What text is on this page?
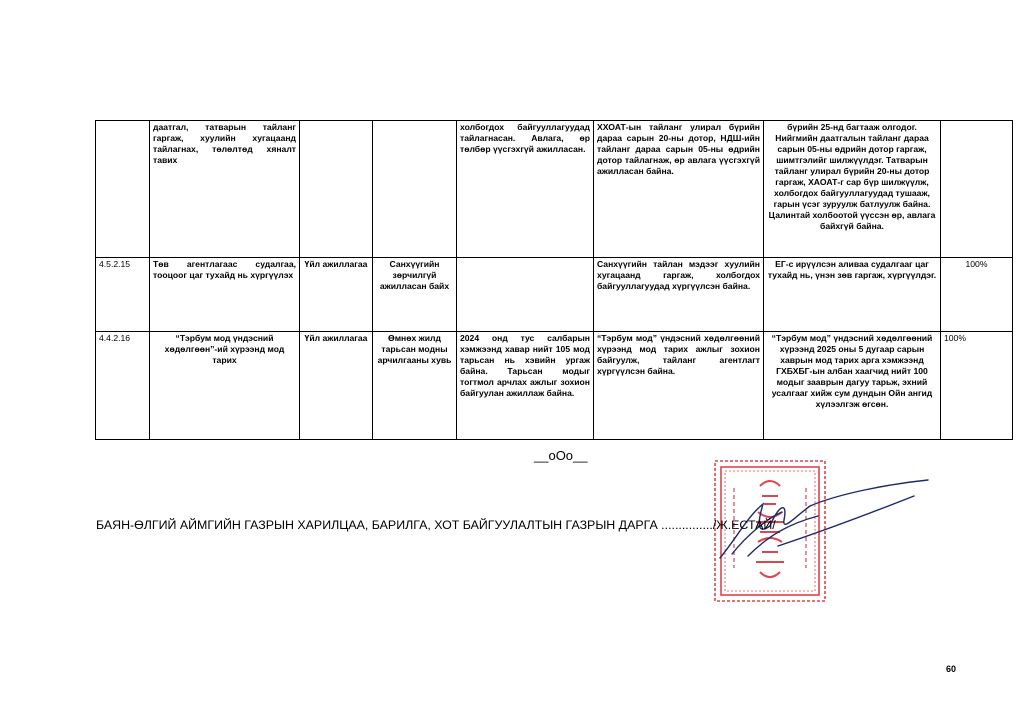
	даатгал, татварын тайланг гаргаж, хуулийн хугацаанд тайлагнах, төлөлтөд хяналт тавих			холбогдох байгууллагуудад тайлагнасан. Авлага, өр төлбөр үүсгэхгүй ажилласан.	ХХОАТ-ын тайланг улирал бүрийн дараа сарын 20-ны дотор, НДШ-ийн тайланг дараа сарын 05-ны өдрийн дотор тайлагнаж, өр авлага үүсгэхгүй ажилласан байна.	бүрийн 25-нд багтааж олгодог. Нийгмийн даатгалын тайланг дараа сарын 05-ны өдрийн дотор гаргаж, шимтгэлийг шилжүүлдэг. Татварын тайланг улирал бүрийн 20-ны дотор гаргаж, ХАОАТ-г сар бүр шилжүүлж, холбогдох байгууллагуудад тушааж, гарын үсэг зуруулж батлуулж байна. Цалинтай холбоотой үүссэн өр, авлага байхгүй байна.	
4.5.2.15	Төв агентлагаас судалгаа, тооцоог цаг тухайд нь хүргүүлэх	Үйл ажиллагаа	Санхүүгийн зөрчилгүй ажилласан байх		Санхүүгийн тайлан мэдээг хуулийн хугацаанд гаргаж, холбогдох байгууллагуудад хүргүүлсэн байна.	ЕГ-с ирүүлсэн аливаа судалгааг цаг тухайд нь, үнэн зөв гаргаж, хүргүүлдэг.	100%
4.4.2.16	“Тэрбум мод үндэсний хөдөлгөөн”-ий хүрээнд мод тарих	Үйл ажиллагаа	Өмнөх жилд тарьсан модны арчилгааны хувь	2024 онд тус салбарын хэмжээнд хавар нийт 105 мод тарьсан нь хэвийн ургаж байна. Тарьсан модыг тогтмол арчлах ажлыг зохион байгуулан ажиллаж байна.	“Тэрбум мод” үндэсний хөдөлгөөний хүрээнд мод тарих ажлыг зохион байгуулж, тайланг агентлагт хүргүүлсэн байна.	“Тэрбум мод” үндэсний хөдөлгөөний хүрээнд 2025 оны 5 дугаар сарын хаврын мод тарих арга хэмжээнд ГХБХБГ-ын албан хаагчид нийт 100 модыг зааврын дагуу тарьж, эхний усалгааг хийж сум дундын Ойн ангид хүлээлгэж өгсөн.	100%
__оОо__
БАЯН-ӨЛГИЙ АЙМГИЙН ГАЗРЫН ХАРИЛЦАА, БАРИЛГА, ХОТ БАЙГУУЛАЛТЫН ГАЗРЫН ДАРГА .............../Ж.ЕСТАЙ/
60
